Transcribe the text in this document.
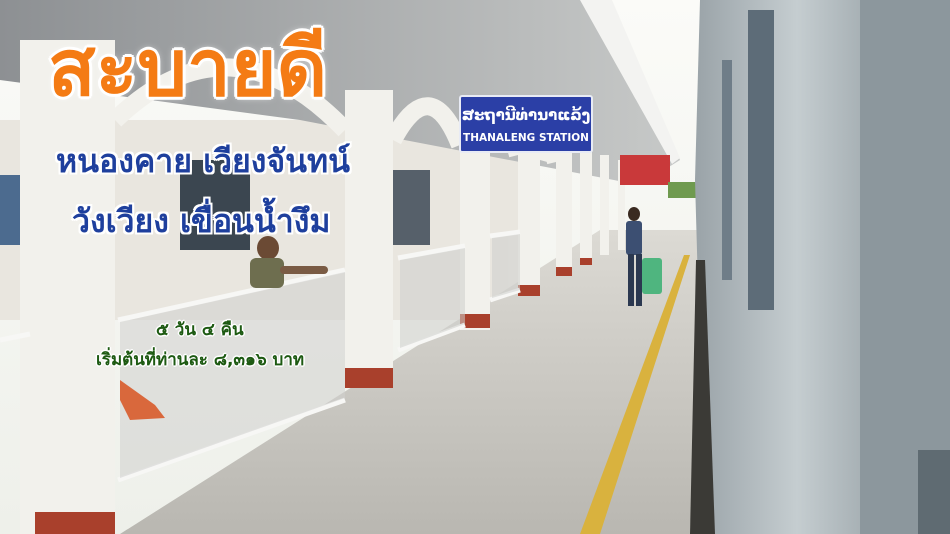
ສະຖານີທ່ານາແລ້ງ
THANALENG STATION
สะบายดี
หนองคาย เวียงจันทน์
วังเวียง เขื่อนน้ำงึม
๕ วัน ๔ คืน
เริ่มต้นที่ท่านละ ๘,๓๑๖ บาท
